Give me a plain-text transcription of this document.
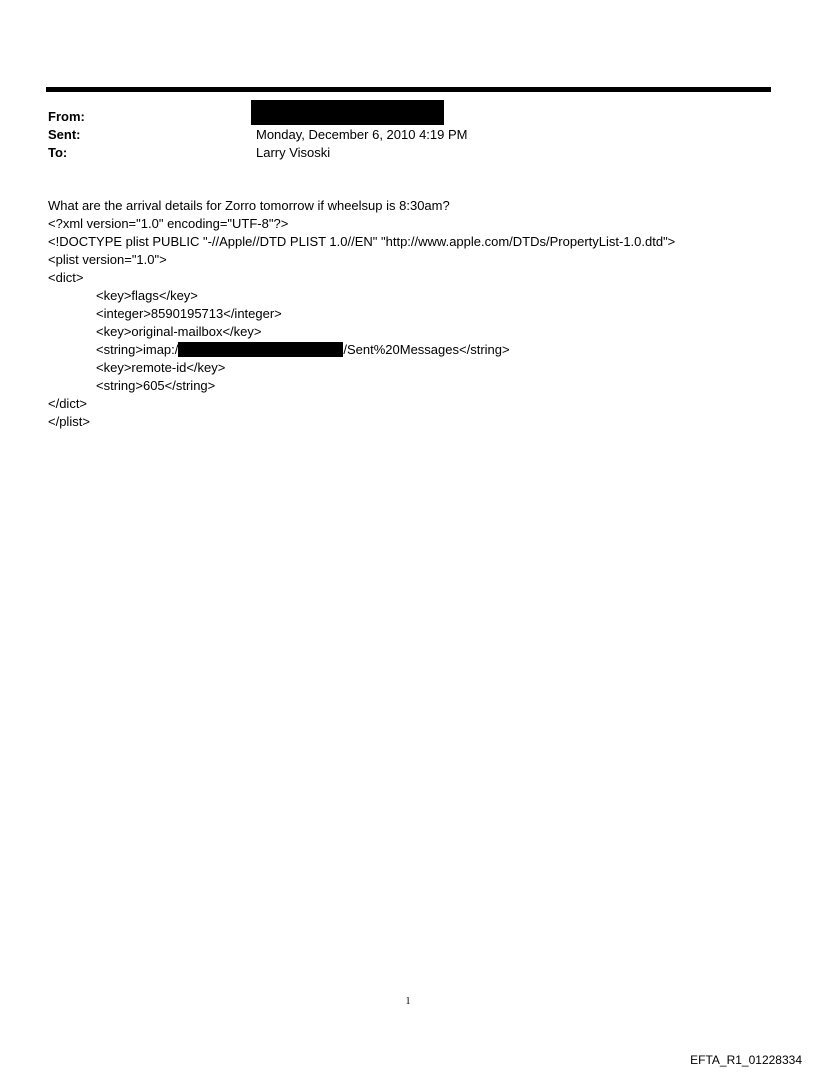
From:
Sent:	Monday, December 6, 2010 4:19 PM
To:	Larry Visoski
What are the arrival details for Zorro tomorrow if wheelsup is 8:30am?
<?xml version="1.0" encoding="UTF-8"?>
<!DOCTYPE plist PUBLIC "-//Apple//DTD PLIST 1.0//EN" "http://www.apple.com/DTDs/PropertyList-1.0.dtd">
<plist version="1.0">
<dict>
<key>flags</key>
<integer>8590195713</integer>
<key>original-mailbox</key>
<string>imap:/	/Sent%20Messages</string>
<key>remote-id</key>
<string>605</string>
</dict>
</plist>
1
EFTA_R1_01228334
